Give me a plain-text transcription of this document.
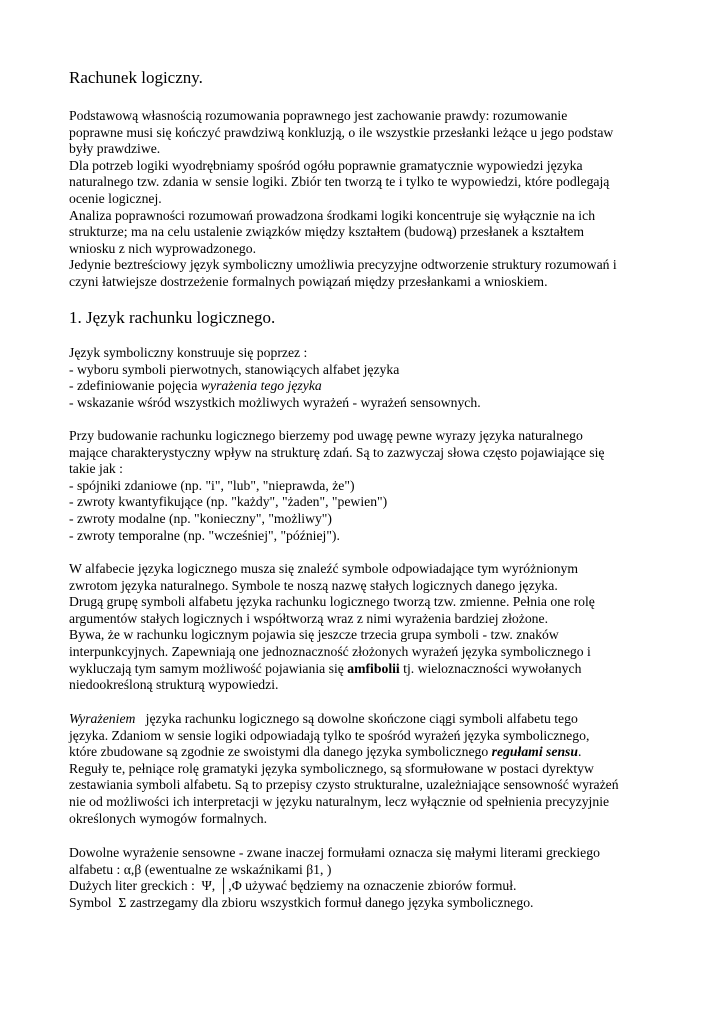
Rachunek logiczny.
Podstawową własnością rozumowania poprawnego jest zachowanie prawdy: rozumowanie
poprawne musi się kończyć prawdziwą konkluzją, o ile wszystkie przesłanki leżące u jego podstaw
były prawdziwe.
Dla potrzeb logiki wyodrębniamy spośród ogółu poprawnie gramatycznie wypowiedzi języka
naturalnego tzw. zdania w sensie logiki. Zbiór ten tworzą te i tylko te wypowiedzi, które podlegają
ocenie logicznej.
Analiza poprawności rozumowań prowadzona środkami logiki koncentruje się wyłącznie na ich
strukturze; ma na celu ustalenie związków między kształtem (budową) przesłanek a kształtem
wniosku z nich wyprowadzonego.
Jedynie beztreściowy język symboliczny umożliwia precyzyjne odtworzenie struktury rozumowań i
czyni łatwiejsze dostrzeżenie formalnych powiązań między przesłankami a wnioskiem.
1. Język rachunku logicznego.
Język symboliczny konstruuje się poprzez :
- wyboru symboli pierwotnych, stanowiących alfabet języka
- zdefiniowanie pojęcia wyrażenia tego języka
- wskazanie wśród wszystkich możliwych wyrażeń - wyrażeń sensownych.
Przy budowanie rachunku logicznego bierzemy pod uwagę pewne wyrazy języka naturalnego
mające charakterystyczny wpływ na strukturę zdań. Są to zazwyczaj słowa często pojawiające się
takie jak :
- spójniki zdaniowe (np. "i", "lub", "nieprawda, że")
- zwroty kwantyfikujące (np. "każdy", "żaden", "pewien")
- zwroty modalne (np. "konieczny", "możliwy")
- zwroty temporalne (np. "wcześniej", "później").
W alfabecie języka logicznego musza się znaleźć symbole odpowiadające tym wyróżnionym
zwrotom języka naturalnego. Symbole te noszą nazwę stałych logicznych danego języka.
Drugą grupę symboli alfabetu języka rachunku logicznego tworzą tzw. zmienne. Pełnia one rolę
argumentów stałych logicznych i współtworzą wraz z nimi wyrażenia bardziej złożone.
Bywa, że w rachunku logicznym pojawia się jeszcze trzecia grupa symboli - tzw. znaków
interpunkcyjnych. Zapewniają one jednoznaczność złożonych wyrażeń języka symbolicznego i
wykluczają tym samym możliwość pojawiania się amfibolii tj. wieloznaczności wywołanych
niedookreśloną strukturą wypowiedzi.
Wyrażeniem   języka rachunku logicznego są dowolne skończone ciągi symboli alfabetu tego
języka. Zdaniom w sensie logiki odpowiadają tylko te spośród wyrażeń języka symbolicznego,
które zbudowane są zgodnie ze swoistymi dla danego języka symbolicznego regułami sensu.
Reguły te, pełniące rolę gramatyki języka symbolicznego, są sformułowane w postaci dyrektyw
zestawiania symboli alfabetu. Są to przepisy czysto strukturalne, uzależniające sensowność wyrażeń
nie od możliwości ich interpretacji w języku naturalnym, lecz wyłącznie od spełnienia precyzyjnie
określonych wymogów formalnych.
Dowolne wyrażenie sensowne - zwane inaczej formułami oznacza się małymi literami greckiego
alfabetu : α,β (ewentualne ze wskaźnikami β1, )
Dużych liter greckich :  Ψ, │,Φ używać będziemy na oznaczenie zbiorów formuł.
Symbol  Σ zastrzegamy dla zbioru wszystkich formuł danego języka symbolicznego.
